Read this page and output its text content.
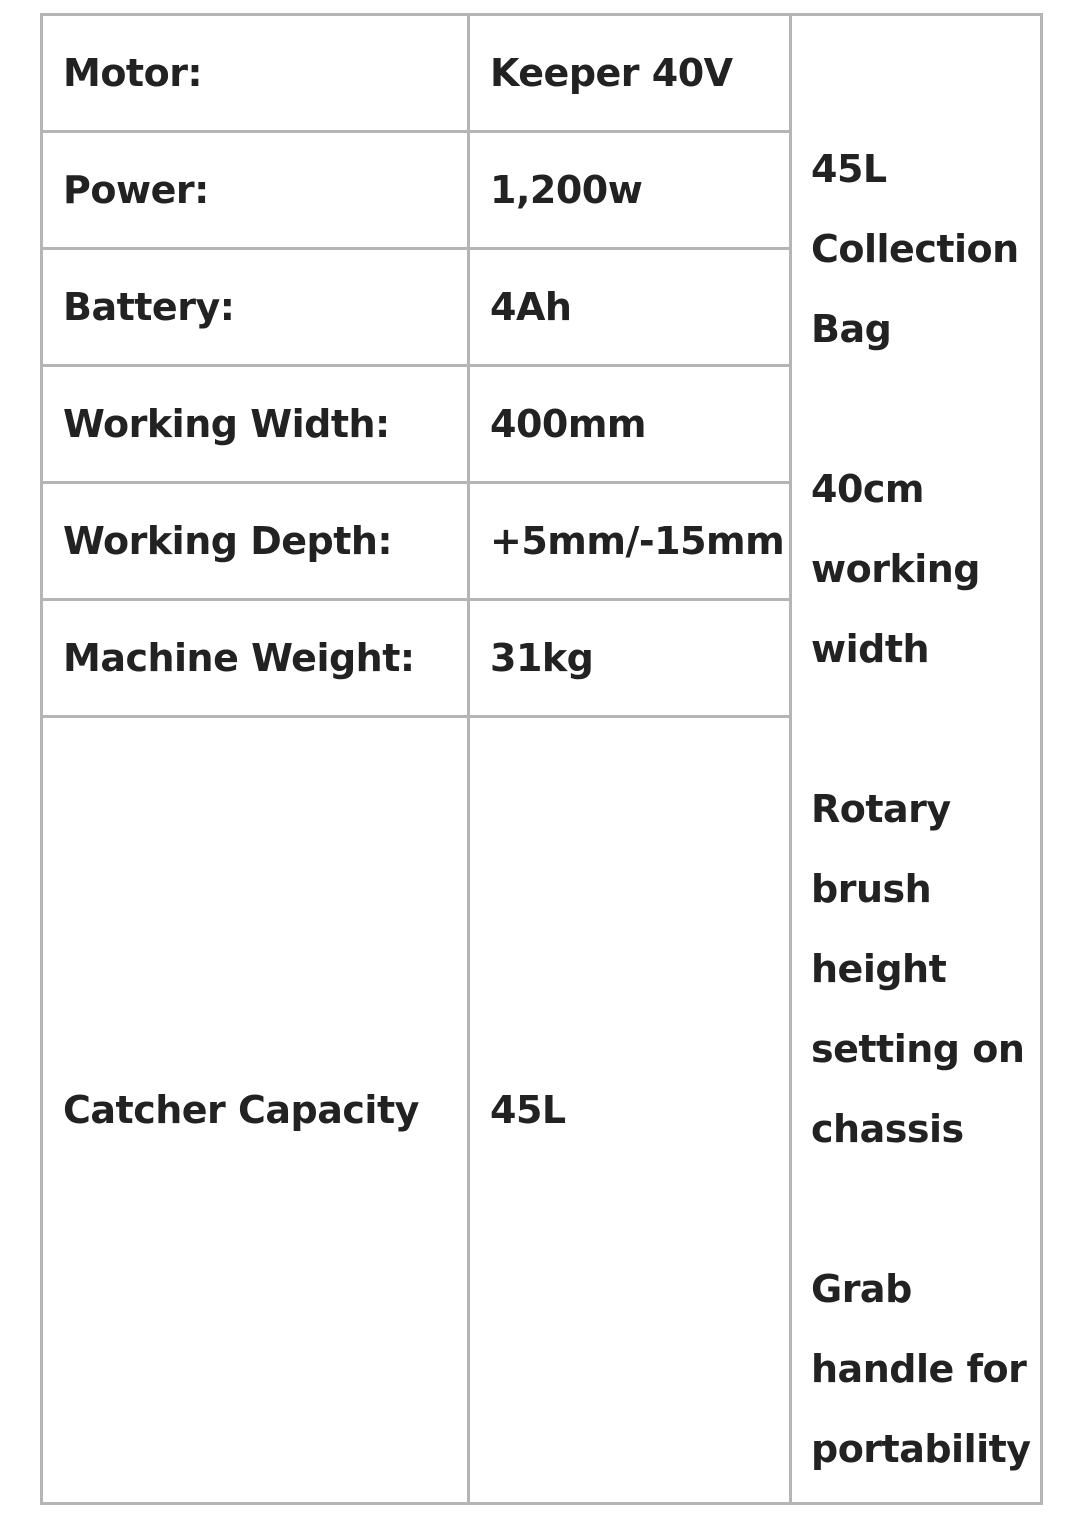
Motor:	Keeper 40V	45L Collection Bag
40cm working width
Rotary brush height setting on chassis
Grab handle for portability

Power:	1,200w	
Battery:	4Ah	
Working Width:	400mm	
Working Depth:	+5mm/-15mm	
Machine Weight:	31kg	
Catcher Capacity	45L	
